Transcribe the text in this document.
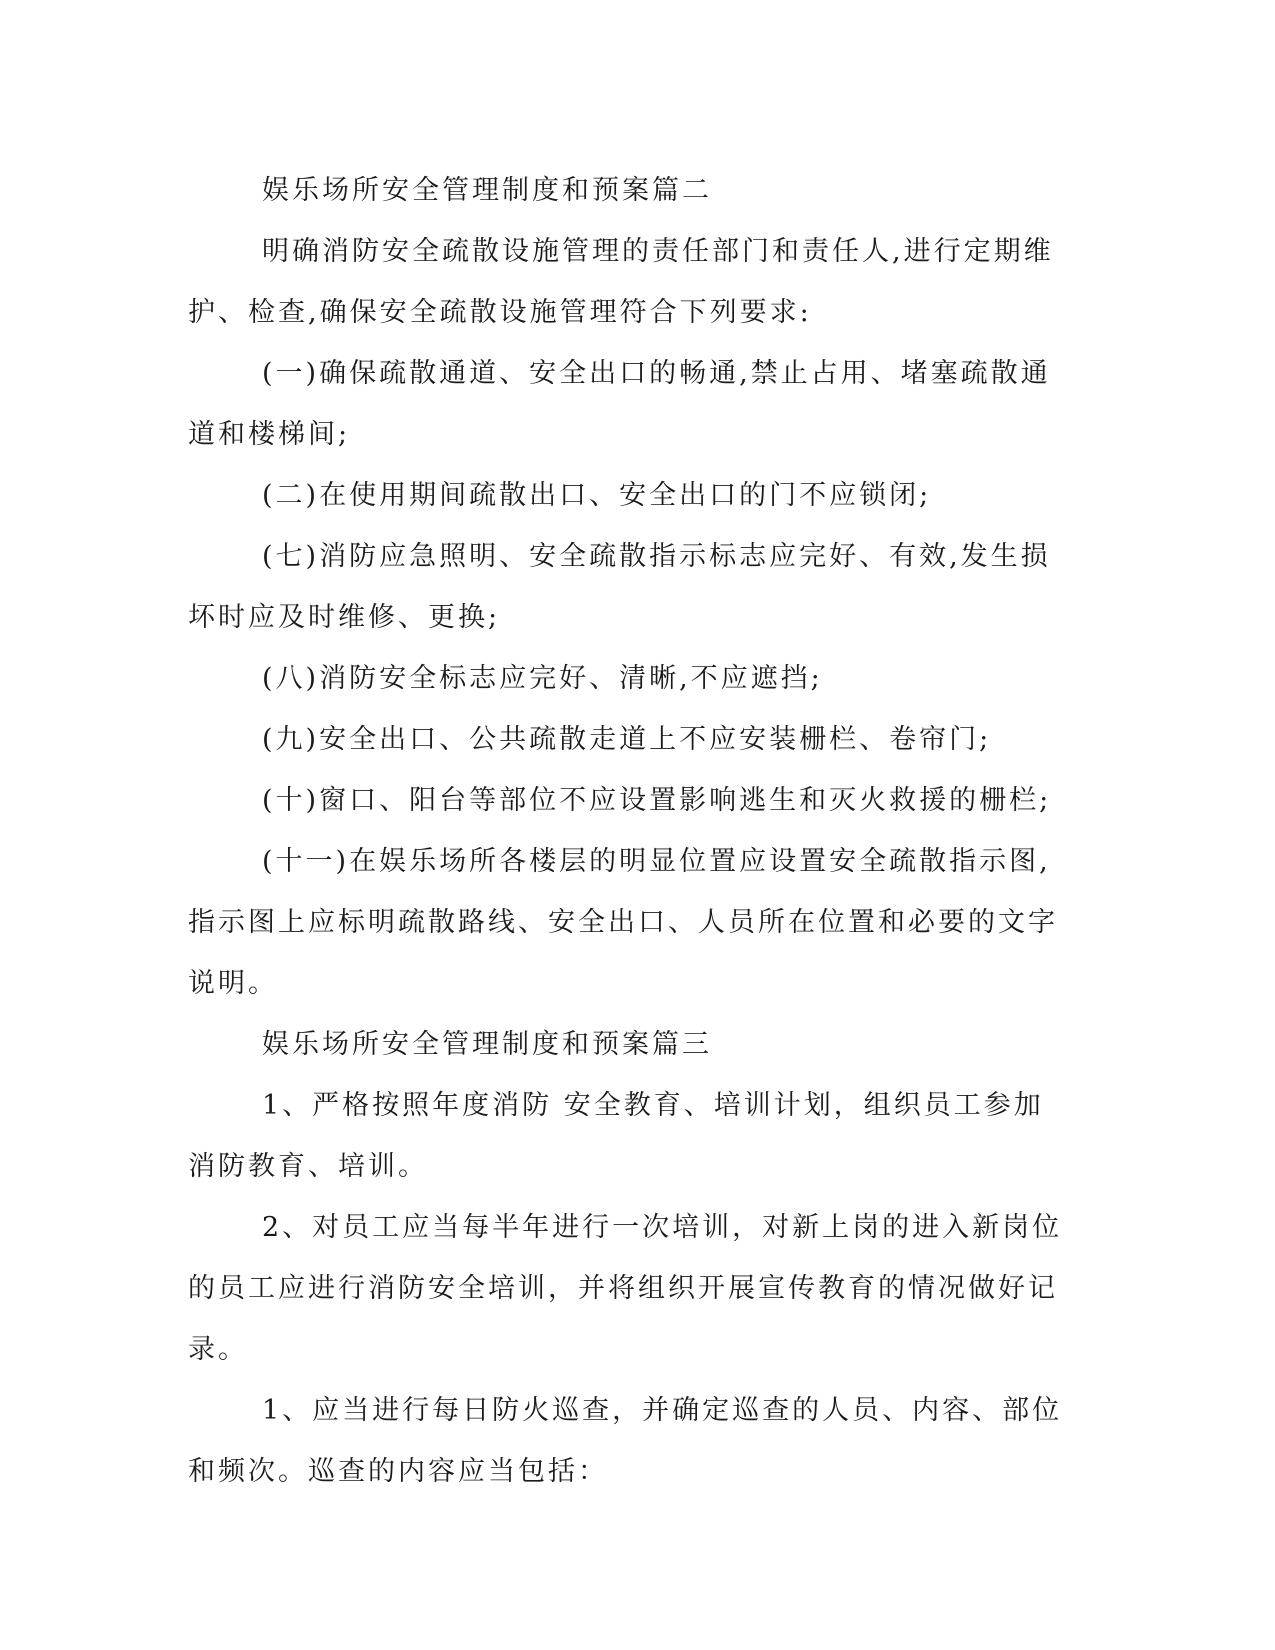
娱乐场所安全管理制度和预案篇二

明确消防安全疏散设施管理的责任部门和责任人,进行定期维护、检查,确保安全疏散设施管理符合下列要求:

(一)确保疏散通道、安全出口的畅通,禁止占用、堵塞疏散通道和楼梯间;

(二)在使用期间疏散出口、安全出口的门不应锁闭;

(七)消防应急照明、安全疏散指示标志应完好、有效,发生损坏时应及时维修、更换;

(八)消防安全标志应完好、清晰,不应遮挡;

(九)安全出口、公共疏散走道上不应安装栅栏、卷帘门;

(十)窗口、阳台等部位不应设置影响逃生和灭火救援的栅栏;

(十一)在娱乐场所各楼层的明显位置应设置安全疏散指示图,指示图上应标明疏散路线、安全出口、人员所在位置和必要的文字说明。

娱乐场所安全管理制度和预案篇三

1、严格按照年度消防 安全教育、培训计划，组织员工参加消防教育、培训。

2、对员工应当每半年进行一次培训，对新上岗的进入新岗位的员工应进行消防安全培训，并将组织开展宣传教育的情况做好记录。

1、应当进行每日防火巡查，并确定巡查的人员、内容、部位和频次。巡查的内容应当包括：
